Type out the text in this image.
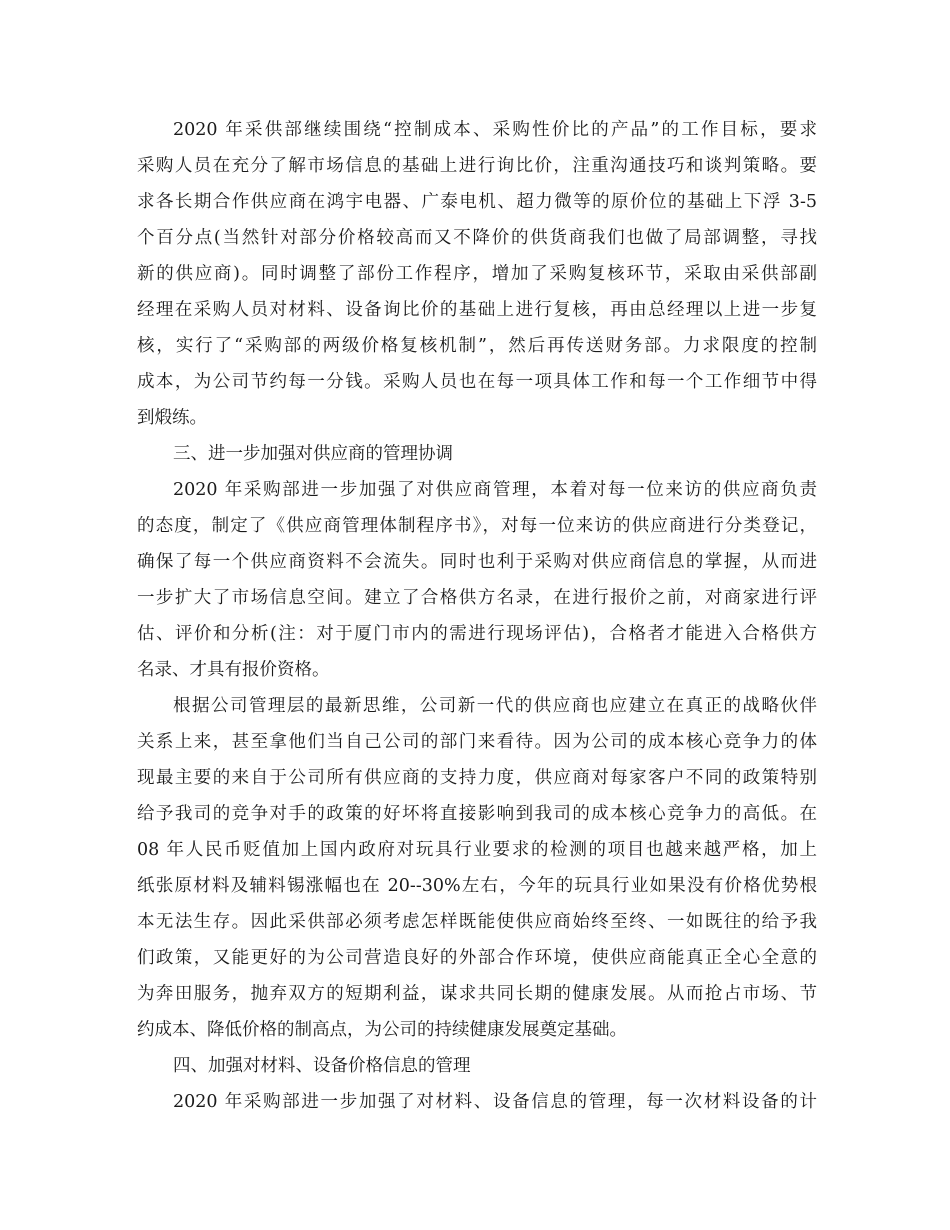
2020 年采供部继续围绕“控制成本、采购性价比的产品”的工作目标，要求
采购人员在充分了解市场信息的基础上进行询比价，注重沟通技巧和谈判策略。要
求各长期合作供应商在鸿宇电器、广泰电机、超力微等的原价位的基础上下浮 3-5
个百分点(当然针对部分价格较高而又不降价的供货商我们也做了局部调整，寻找
新的供应商)。同时调整了部份工作程序，增加了采购复核环节，采取由采供部副
经理在采购人员对材料、设备询比价的基础上进行复核，再由总经理以上进一步复
核，实行了“采购部的两级价格复核机制”，然后再传送财务部。力求限度的控制
成本，为公司节约每一分钱。采购人员也在每一项具体工作和每一个工作细节中得
到煅练。
三、进一步加强对供应商的管理协调
2020 年采购部进一步加强了对供应商管理，本着对每一位来访的供应商负责
的态度，制定了《供应商管理体制程序书》，对每一位来访的供应商进行分类登记，
确保了每一个供应商资料不会流失。同时也利于采购对供应商信息的掌握，从而进
一步扩大了市场信息空间。建立了合格供方名录，在进行报价之前，对商家进行评
估、评价和分析(注：对于厦门市内的需进行现场评估)，合格者才能进入合格供方
名录、才具有报价资格。
根据公司管理层的最新思维，公司新一代的供应商也应建立在真正的战略伙伴
关系上来，甚至拿他们当自己公司的部门来看待。因为公司的成本核心竞争力的体
现最主要的来自于公司所有供应商的支持力度，供应商对每家客户不同的政策特别
给予我司的竞争对手的政策的好坏将直接影响到我司的成本核心竞争力的高低。在
08 年人民币贬值加上国内政府对玩具行业要求的检测的项目也越来越严格，加上
纸张原材料及辅料锡涨幅也在 20--30%左右，今年的玩具行业如果没有价格优势根
本无法生存。因此采供部必须考虑怎样既能使供应商始终至终、一如既往的给予我
们政策，又能更好的为公司营造良好的外部合作环境，使供应商能真正全心全意的
为奔田服务，抛弃双方的短期利益，谋求共同长期的健康发展。从而抢占市场、节
约成本、降低价格的制高点，为公司的持续健康发展奠定基础。
四、加强对材料、设备价格信息的管理
2020 年采购部进一步加强了对材料、设备信息的管理，每一次材料设备的计
